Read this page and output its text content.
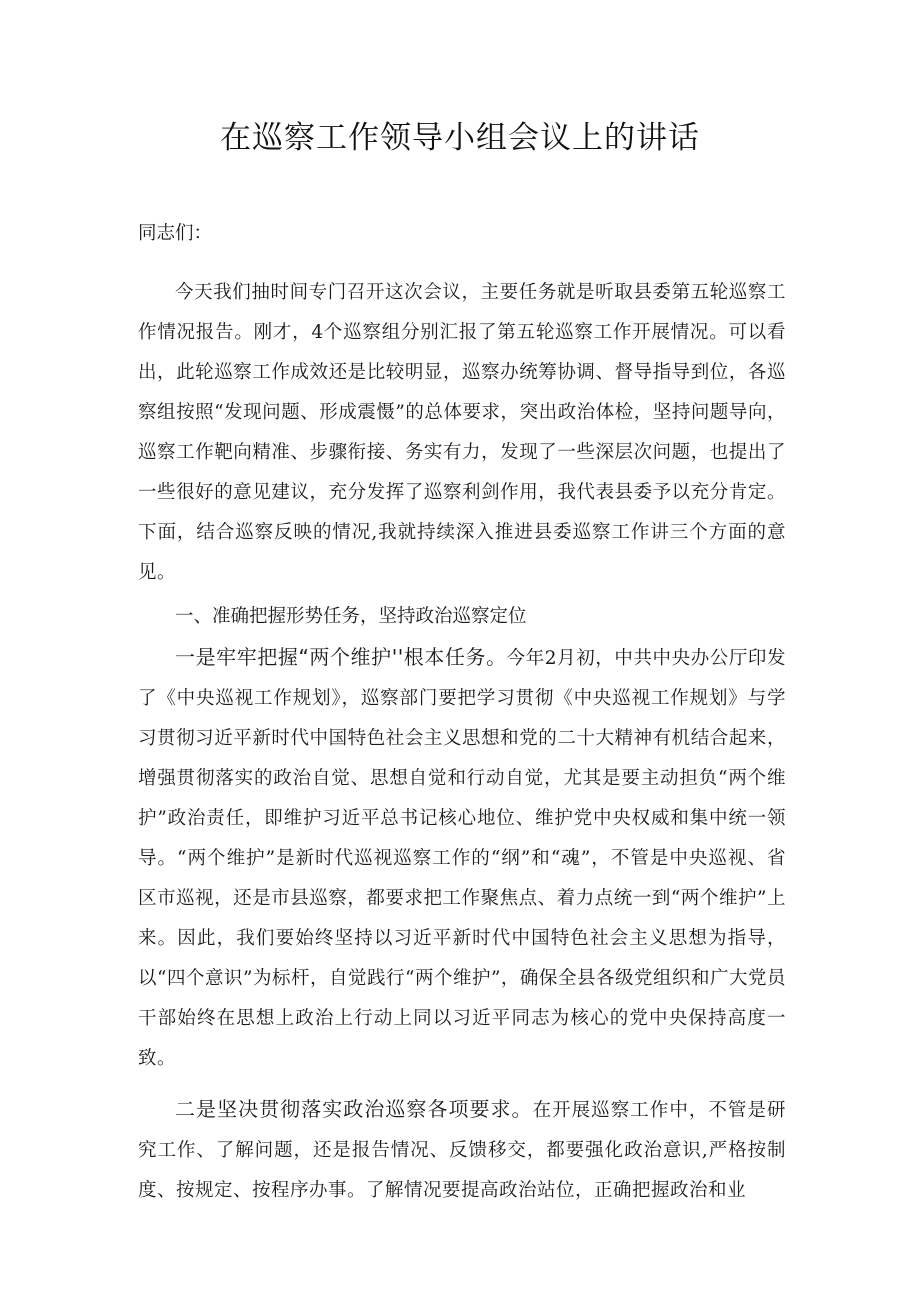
在巡察工作领导小组会议上的讲话

同志们：

今天我们抽时间专门召开这次会议，主要任务就是听取县委第五轮巡察工作情况报告。刚才，4个巡察组分别汇报了第五轮巡察工作开展情况。可以看出，此轮巡察工作成效还是比较明显，巡察办统筹协调、督导指导到位，各巡察组按照“发现问题、形成震慑”的总体要求，突出政治体检，坚持问题导向，巡察工作靶向精准、步骤衔接、务实有力，发现了一些深层次问题，也提出了一些很好的意见建议，充分发挥了巡察利剑作用，我代表县委予以充分肯定。下面，结合巡察反映的情况,我就持续深入推进县委巡察工作讲三个方面的意见。

一、准确把握形势任务，坚持政治巡察定位

一是牢牢把握“两个维护''根本任务。今年2月初，中共中央办公厅印发了《中央巡视工作规划》，巡察部门要把学习贯彻《中央巡视工作规划》与学习贯彻习近平新时代中国特色社会主义思想和党的二十大精神有机结合起来，增强贯彻落实的政治自觉、思想自觉和行动自觉，尤其是要主动担负“两个维护”政治责任，即维护习近平总书记核心地位、维护党中央权威和集中统一领导。“两个维护”是新时代巡视巡察工作的“纲”和“魂”，不管是中央巡视、省区市巡视，还是市县巡察，都要求把工作聚焦点、着力点统一到“两个维护”上来。因此，我们要始终坚持以习近平新时代中国特色社会主义思想为指导，以“四个意识”为标杆，自觉践行“两个维护”，确保全县各级党组织和广大党员干部始终在思想上政治上行动上同以习近平同志为核心的党中央保持高度一致。

二是坚决贯彻落实政治巡察各项要求。在开展巡察工作中，不管是研究工作、了解问题，还是报告情况、反馈移交，都要强化政治意识,严格按制度、按规定、按程序办事。了解情况要提高政治站位，正确把握政治和业
